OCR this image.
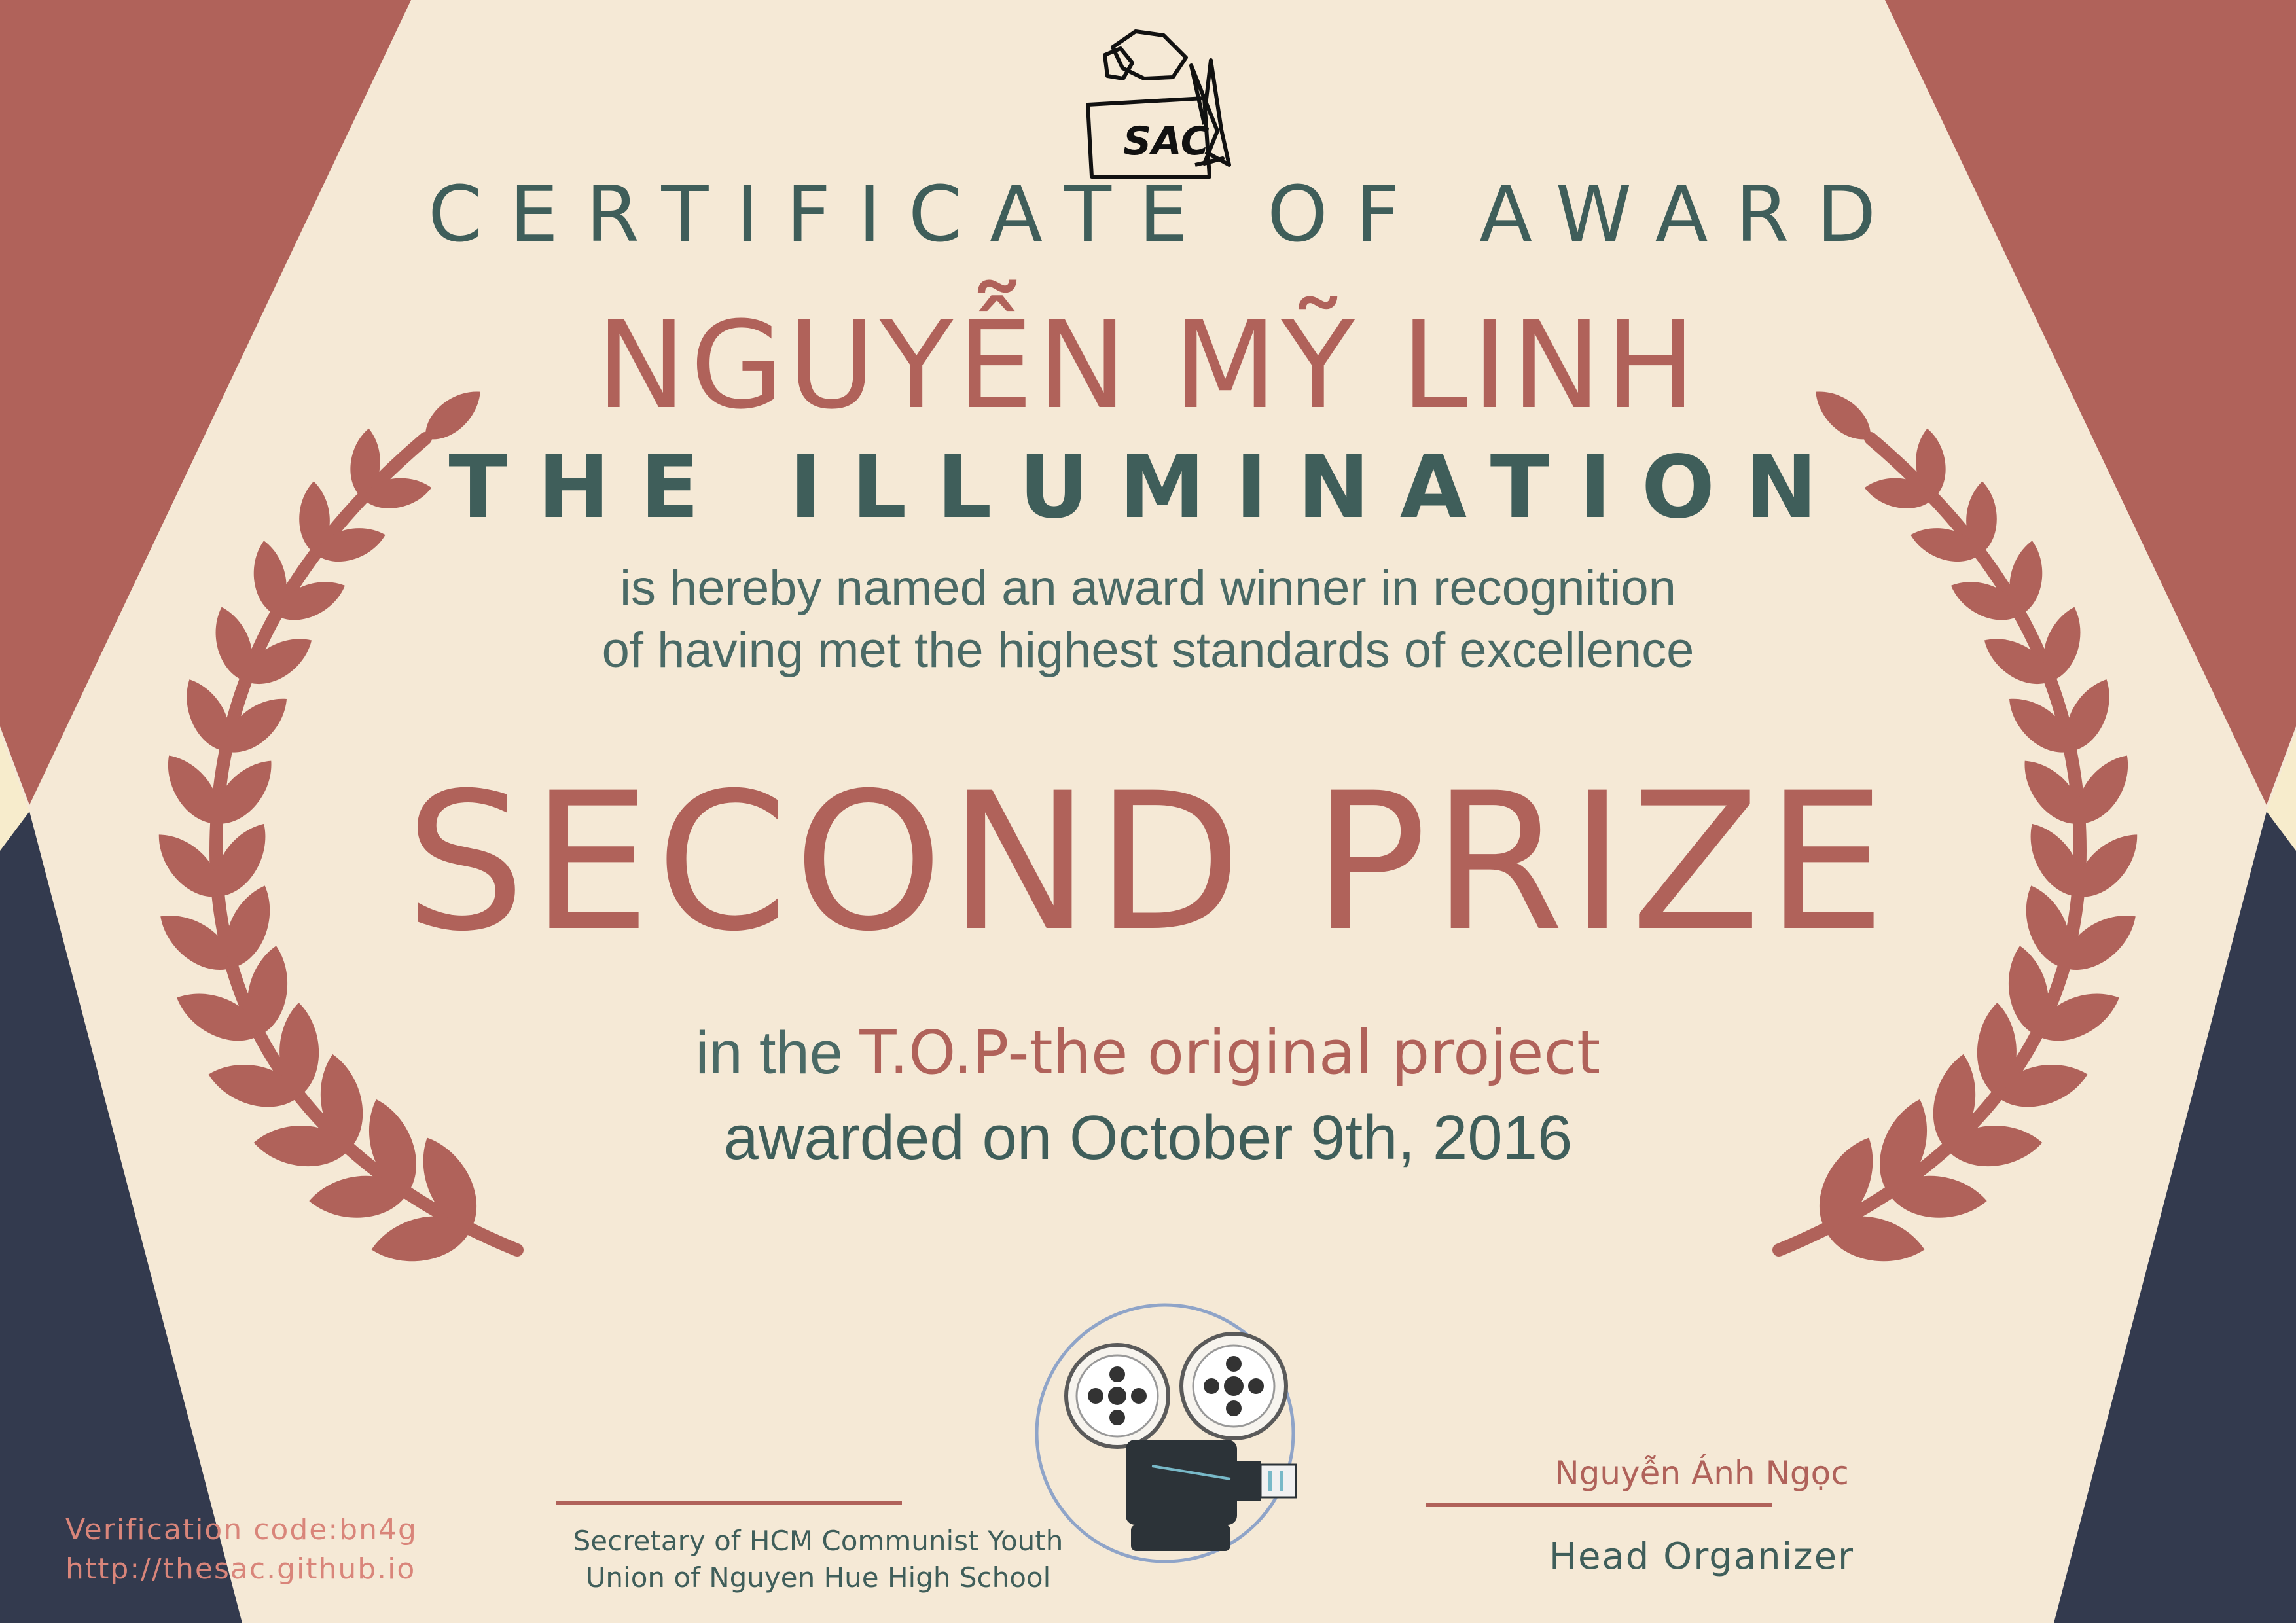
SAC

CERTIFICATE OF AWARD

NGUYỄN MỸ LINH

THE ILLUMINATION

is hereby named an award winner in recognition

of having met the highest standards of excellence

SECOND PRIZE

in the T.O.P-the original project

awarded on October 9th, 2016

Verification code:bn4g

http://thesac.github.io

Secretary of HCM Communist Youth

Union of Nguyen Hue High School

Nguyễn Ánh Ngọc

Head Organizer
